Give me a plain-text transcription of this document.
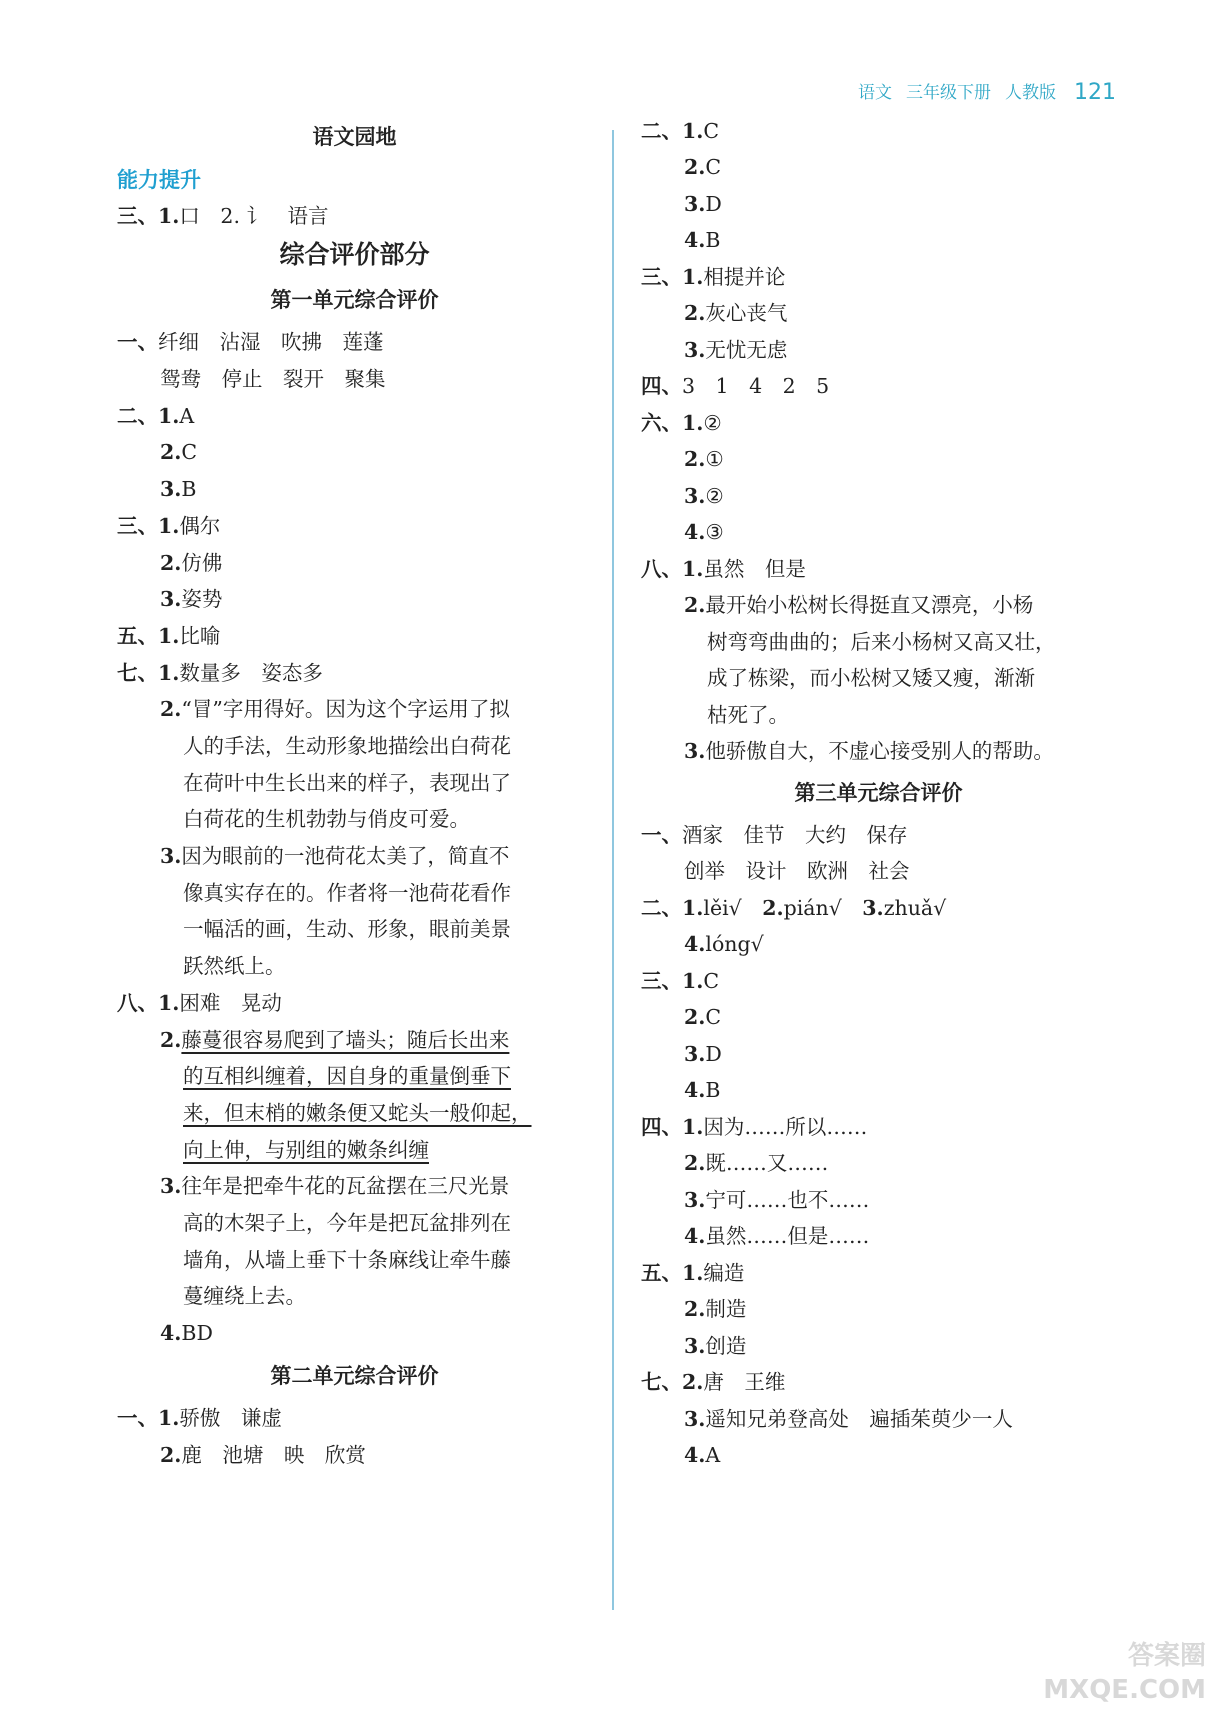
语文 三年级下册 人教版 121
语文园地
能力提升
三、1.口　2. 讠　语言
综合评价部分
第一单元综合评价
一、纤细　沾湿　吹拂　莲蓬
鸳鸯　停止　裂开　聚集
二、1.A
2.C
3.B
三、1.偶尔
2.仿佛
3.姿势
五、1.比喻
七、1.数量多　姿态多
2.“冒”字用得好。因为这个字运用了拟
人的手法，生动形象地描绘出白荷花
在荷叶中生长出来的样子，表现出了
白荷花的生机勃勃与俏皮可爱。
3.因为眼前的一池荷花太美了，简直不
像真实存在的。作者将一池荷花看作
一幅活的画，生动、形象，眼前美景
跃然纸上。
八、1.困难　晃动
2.藤蔓很容易爬到了墙头；随后长出来
的互相纠缠着，因自身的重量倒垂下
来，但末梢的嫩条便又蛇头一般仰起，
向上伸，与别组的嫩条纠缠
3.往年是把牵牛花的瓦盆摆在三尺光景
高的木架子上，今年是把瓦盆排列在
墙角，从墙上垂下十条麻线让牵牛藤
蔓缠绕上去。
4.BD
第二单元综合评价
一、1.骄傲　谦虚
2.鹿　池塘　映　欣赏
二、1.C
2.C
3.D
4.B
三、1.相提并论
2.灰心丧气
3.无忧无虑
四、3　1　4　2　5
六、1.②
2.①
3.②
4.③
八、1.虽然　但是
2.最开始小松树长得挺直又漂亮，小杨
树弯弯曲曲的；后来小杨树又高又壮，
成了栋梁，而小松树又矮又瘦，渐渐
枯死了。
3.他骄傲自大，不虚心接受别人的帮助。
第三单元综合评价
一、酒家　佳节　大约　保存
创举　设计　欧洲　社会
二、1.lěi√　2.pián√　3.zhuǎ√
4.lóng√
三、1.C
2.C
3.D
4.B
四、1.因为……所以……
2.既……又……
3.宁可……也不……
4.虽然……但是……
五、1.编造
2.制造
3.创造
七、2.唐　王维
3.遥知兄弟登高处　遍插茱萸少一人
4.A
答案圈
MXQE.COM
